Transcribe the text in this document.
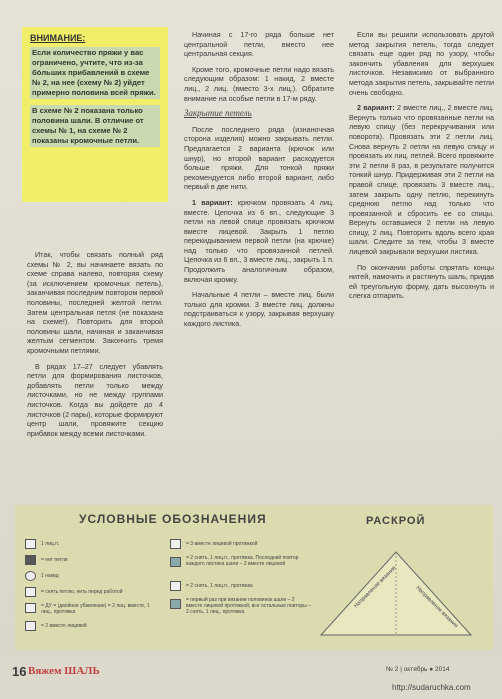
ВНИМАНИЕ:
Если количество пряжи у вас ограничено, учтите, что из-за бо́льших прибавлений в схеме № 2, на нее (схему № 2) уйдет примерно половина всей пряжи.
В схеме № 2 показана только половина шали. В отличие от схемы № 1, на схеме № 2 показаны кромочные петли.

Итак, чтобы связать полный ряд схемы № 2, вы начинаете вязать по схеме справа налево, повторяя схему (за исключением кромочных петель), заканчивая последним повтором первой половины, последней желтой петли. Затем центральная петля (не показана на схеме!). Повторить для второй половины шали, начиная и заканчивая желтым сегментом. Закончить тремя кромочными петлями.

В рядах 17–27 следует убавлять петли для формирования листочков, добавлять петли только между листочками, но не между группами листочков. Когда вы дойдете до 4 листочков (2 пары), которые формируют центр шали, провяжите секцию прибавок между всеми листочками.

Начиная с 17-го ряда больше нет центральной петли, вместо нее центральная секция.

Кроме того, кромочные петли надо вязать следующим образом: 1 накид, 2 вместе лиц., 2 лиц. (вместо 3-х лиц.). Обратите внимание на особые петли в 17-м ряду.

Закрытие петель

После последнего ряда (изнаночная сторона изделия) можно закрывать петли. Предлагается 2 варианта (крючок или шнур), но второй вариант расходуется больше пряжи. Для тонкой пряжи рекомендуется либо второй вариант, либо первый в две нити.

1 вариант: крючком провязать 4 лиц. вместе. Цепочка из 6 вп., следующие 3 петли на левой спице провязать крючком вместе лицевой. Закрыть 1 петлю перекидыванием первой петли (на крючке) над только что провязанной петлей. Цепочка из 6 вп., 3 вместе лиц., закрыть 1 п. Продолжить аналогичным образом, включая кромку.

Начальные 4 петли – вместе лиц. были только для кромки. 3 вместе лиц. должны подстраиваться к узору, закрывая верхушку каждого листика.

Если вы решили использовать другой метод закрытия петель, тогда следует связать еще один ряд по узору, чтобы закончить убавления для верхушек листочков. Независимо от выбранного метода закрытия петель, закрывайте петли очень свободно.

2 вариант: 2 вместе лиц., 2 вместе лиц. Вернуть только что провязанные петли на левую спицу (без перекручивания или поворота). Провязать эти 2 петли лиц. Снова вернуть 2 петли на левую спицу и провязать их лиц. петлей. Всего провяжите эти 2 петли 8 раз, в результате получится тонкий шнур. Придерживая эти 2 петли на правой спице, провязать 3 вместе лиц., затем закрыть одну петлю, перекинуть среднюю петлю над только что провязанной и сбросить ее со спицы. Вернуть оставшиеся 2 петли на левую спицу, 2 лиц. Повторить вдоль всего края шали. Следите за тем, чтобы 3 вместе лицевой закрывали верхушки листика.

По окончании работы спрятать концы нитей, намочить и растянуть шаль, придав ей треугольную форму, дать высохнуть и слегка отпарить.

УСЛОВНЫЕ ОБОЗНАЧЕНИЯ
1 лиц.п.
= нет петли
1 накид
= снять петлю, нить перед работой
= ДУ = (двойное убавление) = 2 лиц. вместе, 1 лиц., протяжка
= 2 вместе лицевой
= 3 вместе лицевой протяжкой
= 2 снять, 1 лиц.п., протяжка. Последний повтор каждого листика шали – 2 вместе лицевой
= 2 снять, 1 лиц.п., протяжка
= первый раз при вязании половинок шали – 2 вместе лицевой протяжкой, все остальные повторы – 2 снять, 1 лиц., протяжка
РАСКРОЙ
Направление вязания	Направление вязания
16 Вяжем ШАЛЬ	№ 2 | октябрь ● 2014
http://sudaruchka.com
